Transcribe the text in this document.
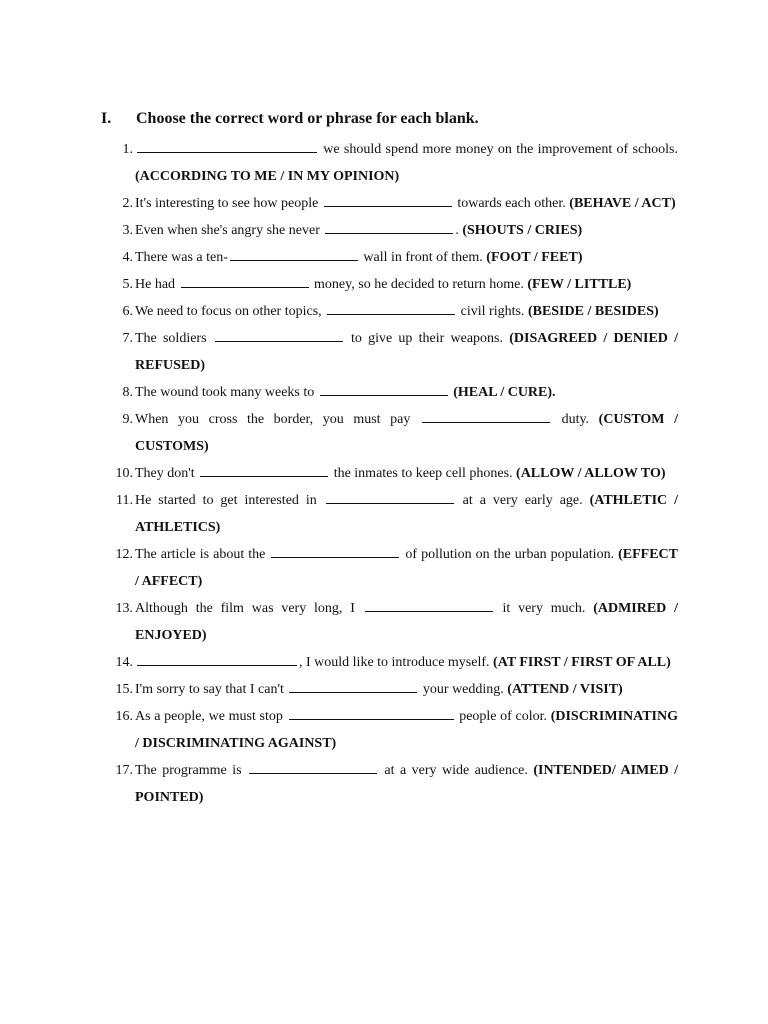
I. Choose the correct word or phrase for each blank.
1.	we should spend more money on the improvement of schools.(ACCORDING TO ME / IN MY OPINION)
2. It's interesting to see how people	towards each other. (BEHAVE / ACT)
3. Even when she's angry she never	. (SHOUTS / CRIES)
4. There was a ten-	wall in front of them. (FOOT / FEET)
5. He had	money, so he decided to return home. (FEW / LITTLE)
6. We need to focus on other topics,	civil rights. (BESIDE / BESIDES)
7. The soldiers	to give up their weapons. (DISAGREED / DENIED / REFUSED)
8. The wound took many weeks to	(HEAL / CURE).
9. When you cross the border, you must pay	duty. (CUSTOM / CUSTOMS)
10. They don't	the inmates to keep cell phones. (ALLOW / ALLOW TO)
11. He started to get interested in	at a very early age. (ATHLETIC / ATHLETICS)
12. The article is about the	of pollution on the urban population. (EFFECT / AFFECT)
13. Although the film was very long, I	it very much. (ADMIRED / ENJOYED)
14.	, I would like to introduce myself. (AT FIRST / FIRST OF ALL)
15. I'm sorry to say that I can't	your wedding. (ATTEND / VISIT)
16. As a people, we must stop	people of color. (DISCRIMINATING / DISCRIMINATING AGAINST)
17. The programme is	at a very wide audience. (INTENDED/ AIMED / POINTED)
